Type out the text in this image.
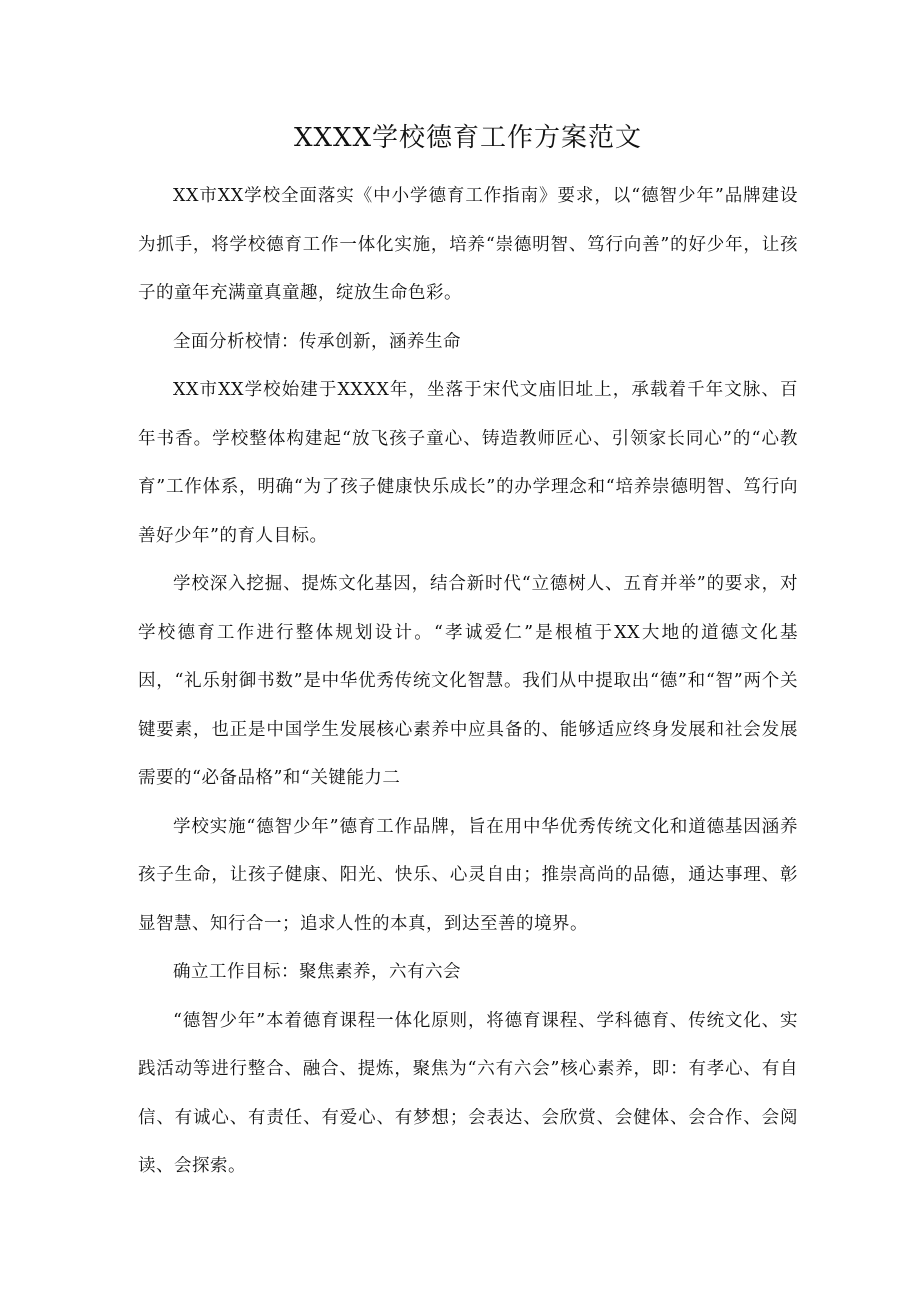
XXXX学校德育工作方案范文

XX市XX学校全面落实《中小学德育工作指南》要求，以“德智少年”品牌建设为抓手，将学校德育工作一体化实施，培养“崇德明智、笃行向善”的好少年，让孩子的童年充满童真童趣，绽放生命色彩。

全面分析校情：传承创新，涵养生命

XX市XX学校始建于XXXX年，坐落于宋代文庙旧址上，承载着千年文脉、百年书香。学校整体构建起“放飞孩子童心、铸造教师匠心、引领家长同心”的“心教育”工作体系，明确“为了孩子健康快乐成长”的办学理念和“培养崇德明智、笃行向善好少年”的育人目标。

学校深入挖掘、提炼文化基因，结合新时代“立德树人、五育并举”的要求，对学校德育工作进行整体规划设计。“孝诚爱仁”是根植于XX大地的道德文化基因，“礼乐射御书数”是中华优秀传统文化智慧。我们从中提取出“德”和“智”两个关键要素，也正是中国学生发展核心素养中应具备的、能够适应终身发展和社会发展需要的“必备品格”和“关键能力二

学校实施“德智少年”德育工作品牌，旨在用中华优秀传统文化和道德基因涵养孩子生命，让孩子健康、阳光、快乐、心灵自由；推崇高尚的品德，通达事理、彰显智慧、知行合一；追求人性的本真，到达至善的境界。

确立工作目标：聚焦素养，六有六会

“德智少年”本着德育课程一体化原则，将德育课程、学科德育、传统文化、实践活动等进行整合、融合、提炼，聚焦为“六有六会”核心素养，即：有孝心、有自信、有诚心、有责任、有爱心、有梦想；会表达、会欣赏、会健体、会合作、会阅读、会探索。
